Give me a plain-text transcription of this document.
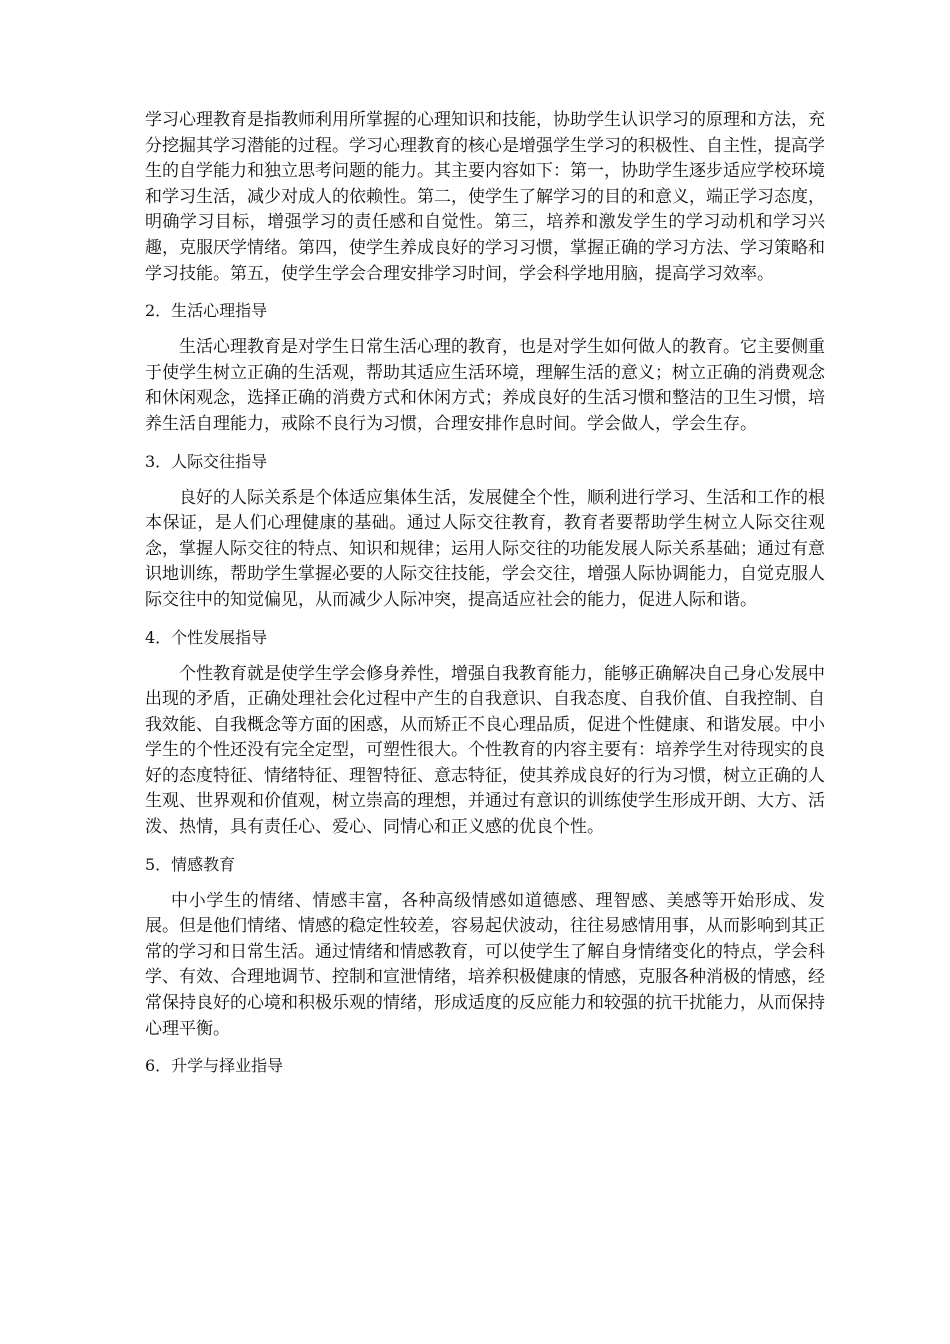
学习心理教育是指教师利用所掌握的心理知识和技能，协助学生认识学习的原理和方法，充分挖掘其学习潜能的过程。学习心理教育的核心是增强学生学习的积极性、自主性，提高学生的自学能力和独立思考问题的能力。其主要内容如下：第一，协助学生逐步适应学校环境和学习生活，减少对成人的依赖性。第二，使学生了解学习的目的和意义，端正学习态度，明确学习目标，增强学习的责任感和自觉性。第三，培养和激发学生的学习动机和学习兴趣，克服厌学情绪。第四，使学生养成良好的学习习惯，掌握正确的学习方法、学习策略和学习技能。第五，使学生学会合理安排学习时间，学会科学地用脑，提高学习效率。

2．生活心理指导

生活心理教育是对学生日常生活心理的教育，也是对学生如何做人的教育。它主要侧重于使学生树立正确的生活观，帮助其适应生活环境，理解生活的意义；树立正确的消费观念和休闲观念，选择正确的消费方式和休闲方式；养成良好的生活习惯和整洁的卫生习惯，培养生活自理能力，戒除不良行为习惯，合理安排作息时间。学会做人，学会生存。

3．人际交往指导

良好的人际关系是个体适应集体生活，发展健全个性，顺利进行学习、生活和工作的根本保证，是人们心理健康的基础。通过人际交往教育，教育者要帮助学生树立人际交往观念，掌握人际交往的特点、知识和规律；运用人际交往的功能发展人际关系基础；通过有意识地训练，帮助学生掌握必要的人际交往技能，学会交往，增强人际协调能力，自觉克服人际交往中的知觉偏见，从而减少人际冲突，提高适应社会的能力，促进人际和谐。

4．个性发展指导

个性教育就是使学生学会修身养性，增强自我教育能力，能够正确解决自己身心发展中出现的矛盾，正确处理社会化过程中产生的自我意识、自我态度、自我价值、自我控制、自我效能、自我概念等方面的困惑，从而矫正不良心理品质，促进个性健康、和谐发展。中小学生的个性还没有完全定型，可塑性很大。个性教育的内容主要有：培养学生对待现实的良好的态度特征、情绪特征、理智特征、意志特征，使其养成良好的行为习惯，树立正确的人生观、世界观和价值观，树立崇高的理想，并通过有意识的训练使学生形成开朗、大方、活泼、热情，具有责任心、爱心、同情心和正义感的优良个性。

5．情感教育

中小学生的情绪、情感丰富，各种高级情感如道德感、理智感、美感等开始形成、发展。但是他们情绪、情感的稳定性较差，容易起伏波动，往往易感情用事，从而影响到其正常的学习和日常生活。通过情绪和情感教育，可以使学生了解自身情绪变化的特点，学会科学、有效、合理地调节、控制和宣泄情绪，培养积极健康的情感，克服各种消极的情感，经常保持良好的心境和积极乐观的情绪，形成适度的反应能力和较强的抗干扰能力，从而保持心理平衡。

6．升学与择业指导
